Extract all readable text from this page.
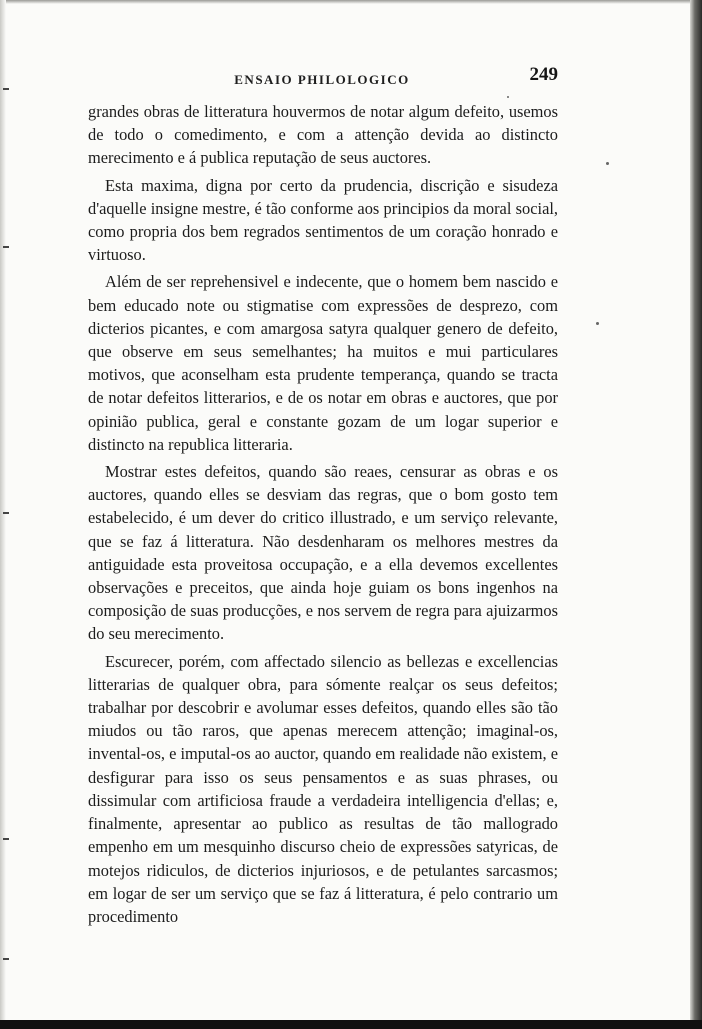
ENSAIO PHILOLOGICO	249

grandes obras de litteratura houvermos de notar algum defeito, usemos de todo o comedimento, e com a attenção devida ao distincto merecimento e á publica reputação de seus auctores.

Esta maxima, digna por certo da prudencia, discrição e sisudeza d'aquelle insigne mestre, é tão conforme aos principios da moral social, como propria dos bem regrados sentimentos de um coração honrado e virtuoso.

Além de ser reprehensivel e indecente, que o homem bem nascido e bem educado note ou stigmatise com expressões de desprezo, com dicterios picantes, e com amargosa satyra qualquer genero de defeito, que observe em seus semelhantes; ha muitos e mui particulares motivos, que aconselham esta prudente temperança, quando se tracta de notar defeitos litterarios, e de os notar em obras e auctores, que por opinião publica, geral e constante gozam de um logar superior e distincto na republica litteraria.

Mostrar estes defeitos, quando são reaes, censurar as obras e os auctores, quando elles se desviam das regras, que o bom gosto tem estabelecido, é um dever do critico illustrado, e um serviço relevante, que se faz á litteratura. Não desdenharam os melhores mestres da antiguidade esta proveitosa occupação, e a ella devemos excellentes observações e preceitos, que ainda hoje guiam os bons ingenhos na composição de suas producções, e nos servem de regra para ajuizarmos do seu merecimento.

Escurecer, porém, com affectado silencio as bellezas e excellencias litterarias de qualquer obra, para sómente realçar os seus defeitos; trabalhar por descobrir e avolumar esses defeitos, quando elles são tão miudos ou tão raros, que apenas merecem attenção; imaginal-os, invental-os, e imputal-os ao auctor, quando em realidade não existem, e desfigurar para isso os seus pensamentos e as suas phrases, ou dissimular com artificiosa fraude a verdadeira intelligencia d'ellas; e, finalmente, apresentar ao publico as resultas de tão mallogrado empenho em um mesquinho discurso cheio de expressões satyricas, de motejos ridiculos, de dicterios injuriosos, e de petulantes sarcasmos; em logar de ser um serviço que se faz á litteratura, é pelo contrario um procedimento
